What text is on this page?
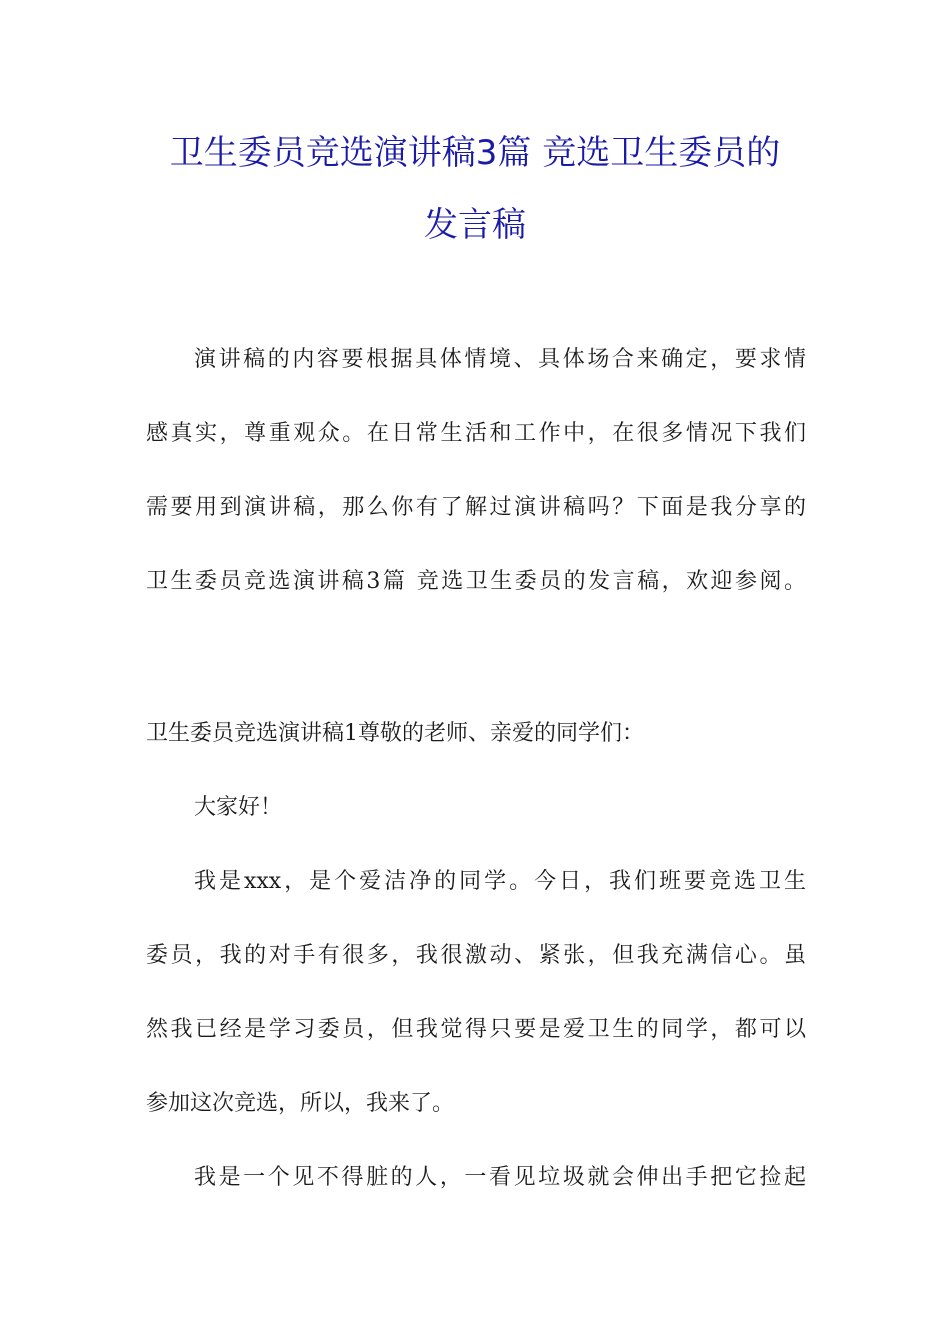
卫生委员竞选演讲稿3篇 竞选卫生委员的
发言稿
演讲稿的内容要根据具体情境、具体场合来确定，要求情
感真实，尊重观众。在日常生活和工作中，在很多情况下我们
需要用到演讲稿，那么你有了解过演讲稿吗？下面是我分享的
卫生委员竞选演讲稿3篇 竞选卫生委员的发言稿，欢迎参阅。
卫生委员竞选演讲稿1尊敬的老师、亲爱的同学们：
大家好！
我是xxx，是个爱洁净的同学。今日，我们班要竞选卫生
委员，我的对手有很多，我很激动、紧张，但我充满信心。虽
然我已经是学习委员，但我觉得只要是爱卫生的同学，都可以
参加这次竞选，所以，我来了。
我是一个见不得脏的人，一看见垃圾就会伸出手把它捡起
